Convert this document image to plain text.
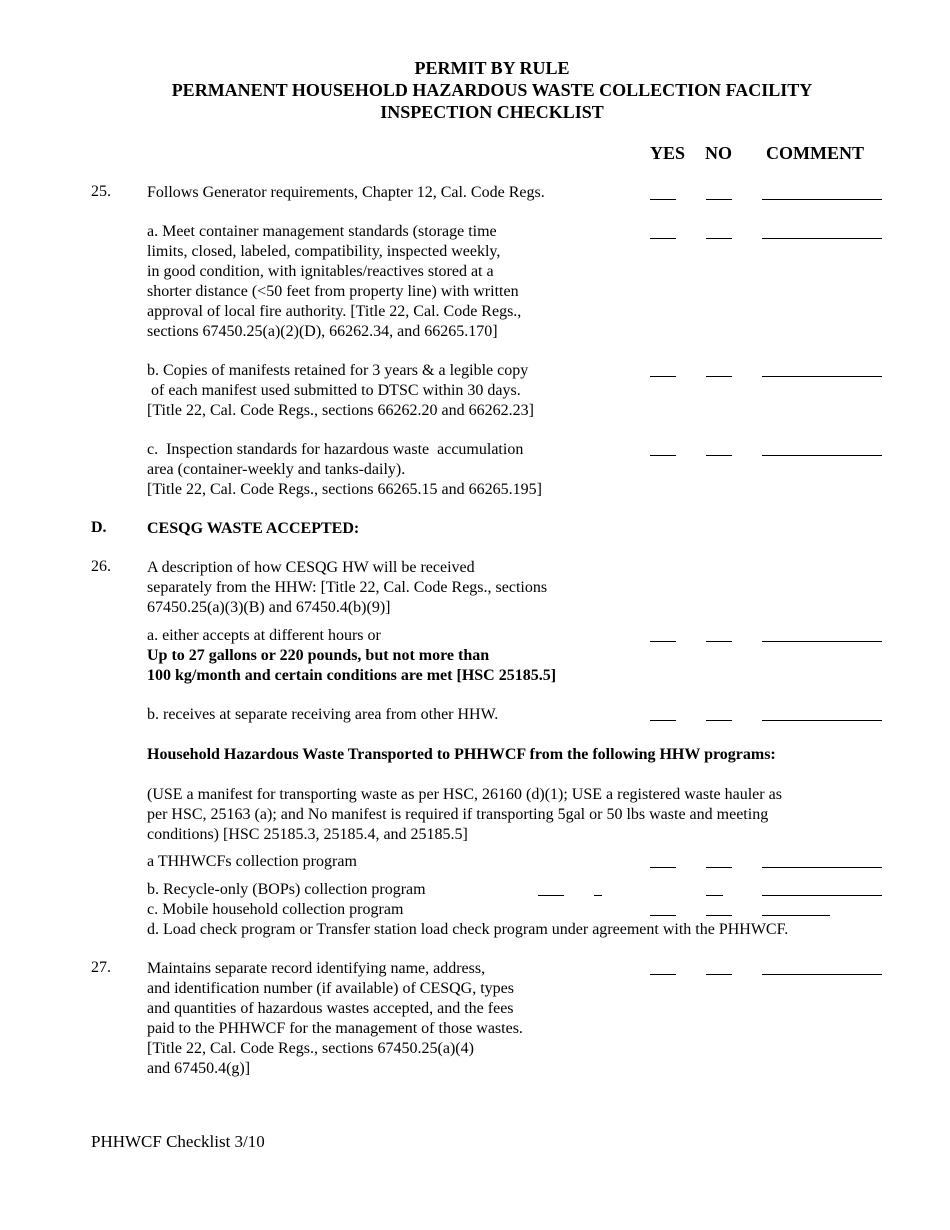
PERMIT BY RULE
PERMANENT HOUSEHOLD HAZARDOUS WASTE COLLECTION FACILITY
INSPECTION CHECKLIST
YES NO COMMENT
25. Follows Generator requirements, Chapter 12, Cal. Code Regs.
a. Meet container management standards (storage time
limits, closed, labeled, compatibility, inspected weekly,
in good condition, with ignitables/reactives stored at a
shorter distance (<50 feet from property line) with written
approval of local fire authority. [Title 22, Cal. Code Regs.,
sections 67450.25(a)(2)(D), 66262.34, and 66265.170]
b. Copies of manifests retained for 3 years & a legible copy
of each manifest used submitted to DTSC within 30 days.
[Title 22, Cal. Code Regs., sections 66262.20 and 66262.23]
c.  Inspection standards for hazardous waste  accumulation
area (container-weekly and tanks-daily).
[Title 22, Cal. Code Regs., sections 66265.15 and 66265.195]
D.	CESQG WASTE ACCEPTED:
26. A description of how CESQG HW will be received
separately from the HHW: [Title 22, Cal. Code Regs., sections
67450.25(a)(3)(B) and 67450.4(b)(9)]
a. either accepts at different hours or
Up to 27 gallons or 220 pounds, but not more than
100 kg/month and certain conditions are met [HSC 25185.5]
b. receives at separate receiving area from other HHW.
Household Hazardous Waste Transported to PHHWCF from the following HHW programs:
(USE a manifest for transporting waste as per HSC, 26160 (d)(1); USE a registered waste hauler as
per HSC, 25163 (a); and No manifest is required if transporting 5gal or 50 lbs waste and meeting
conditions) [HSC 25185.3, 25185.4, and 25185.5]
a THHWCFs collection program
b. Recycle-only (BOPs) collection program
c. Mobile household collection program
d. Load check program or Transfer station load check program under agreement with the PHHWCF.
27. Maintains separate record identifying name, address,
and identification number (if available) of CESQG, types
and quantities of hazardous wastes accepted, and the fees
paid to the PHHWCF for the management of those wastes.
[Title 22, Cal. Code Regs., sections 67450.25(a)(4)
and 67450.4(g)]
PHHWCF Checklist 3/10
